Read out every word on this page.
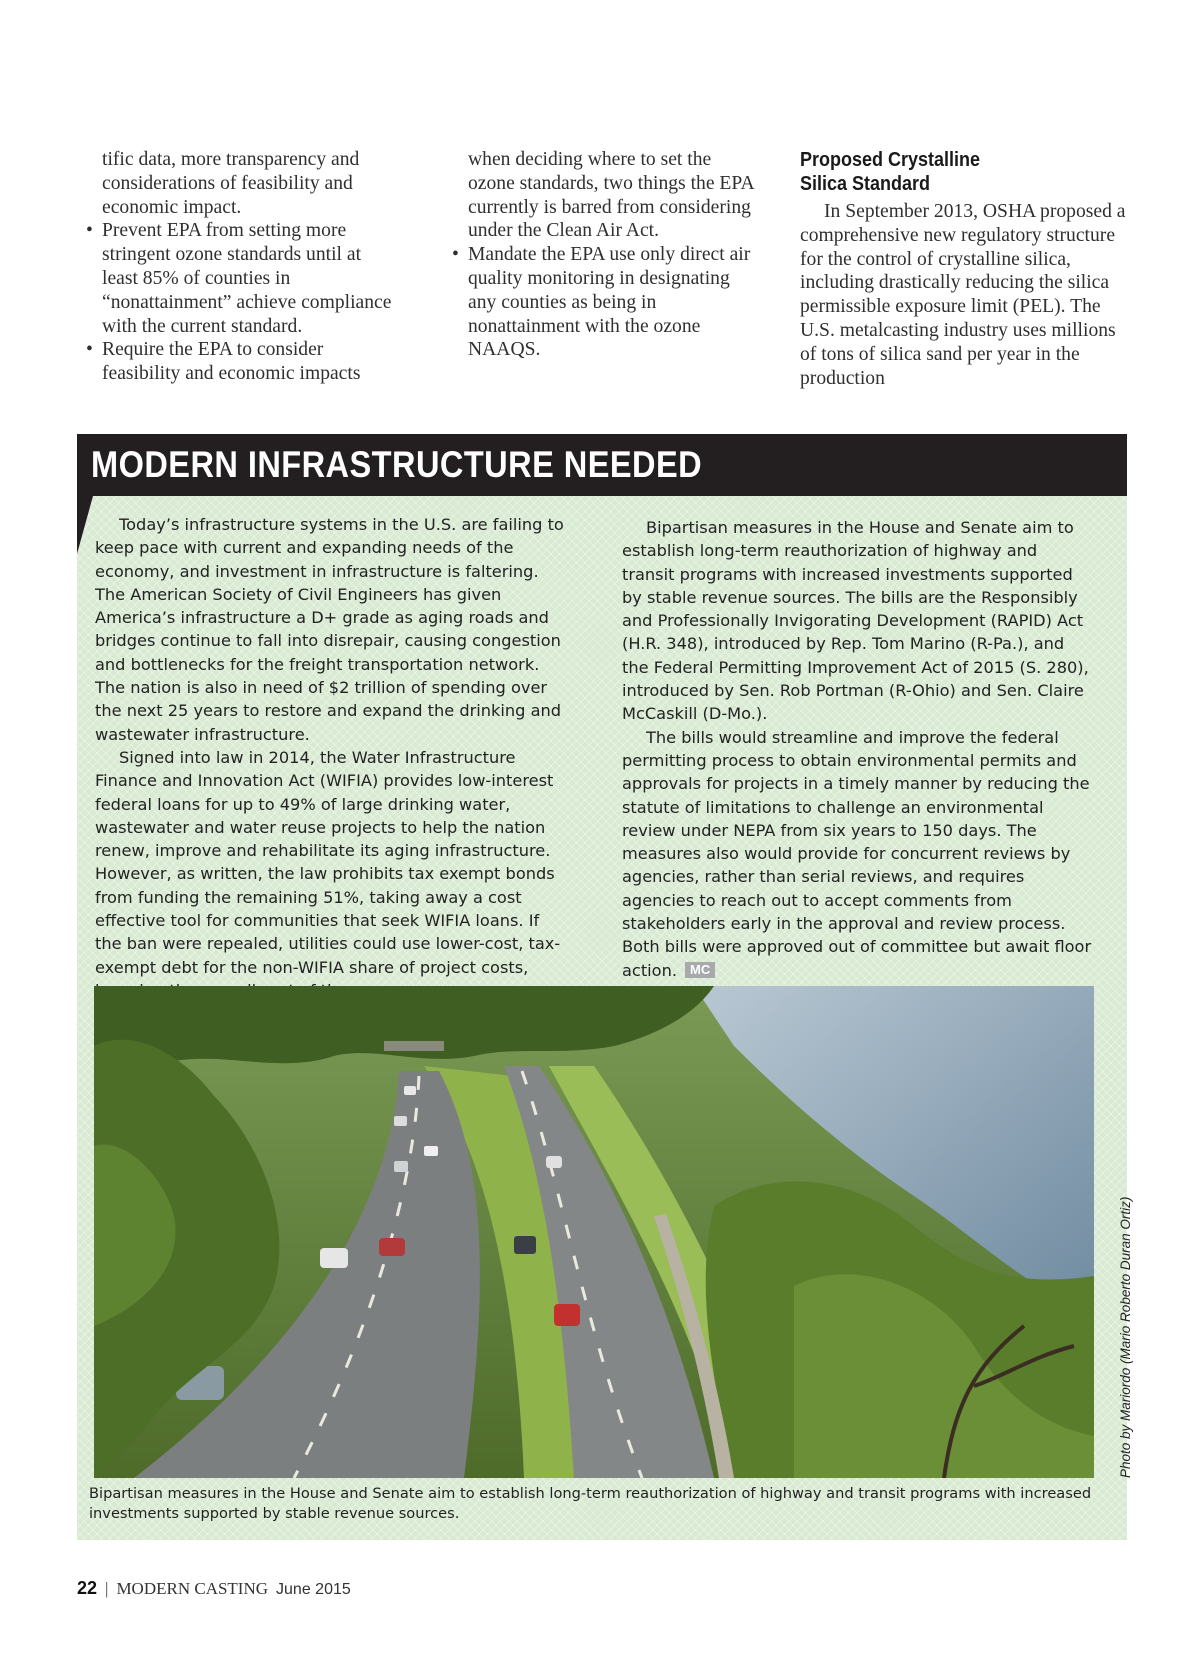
tific data, more transparency and considerations of feasibility and economic impact.

• Prevent EPA from setting more stringent ozone standards until at least 85% of counties in “nonattainment” achieve compliance with the current standard.
• Require the EPA to consider feasibility and economic impacts

when deciding where to set the ozone standards, two things the EPA currently is barred from considering under the Clean Air Act.

• Mandate the EPA use only direct air quality monitoring in designating any counties as being in nonattainment with the ozone NAAQS.
Proposed Crystalline
Silica Standard

In September 2013, OSHA proposed a comprehensive new regulatory structure for the control of crystalline silica, including drastically reducing the silica permissible exposure limit (PEL). The U.S. metalcasting industry uses millions of tons of silica sand per year in the production

MODERN INFRASTRUCTURE NEEDED

Today’s infrastructure systems in the U.S. are failing to keep pace with current and expanding needs of the economy, and investment in infrastructure is faltering. The American Society of Civil Engineers has given America’s infrastructure a D+ grade as aging roads and bridges continue to fall into disrepair, causing congestion and bottlenecks for the freight transportation network. The nation is also in need of $2 trillion of spending over the next 25 years to restore and expand the drinking and wastewater infrastructure.

Signed into law in 2014, the Water Infrastructure Finance and Innovation Act (WIFIA) provides low-interest federal loans for up to 49% of large drinking water, wastewater and water reuse projects to help the nation renew, improve and rehabilitate its aging infrastructure. However, as written, the law prohibits tax exempt bonds from funding the remaining 51%, taking away a cost effective tool for communities that seek WIFIA loans. If the ban were repealed, utilities could use lower-cost, tax-exempt debt for the non-WIFIA share of project costs,

Bipartisan measures in the House and Senate aim to establish long-term reauthorization of highway and transit programs with increased investments supported by stable revenue sources. The bills are the Responsibly and Professionally Invigorating Development (RAPID) Act (H.R. 348), introduced by Rep. Tom Marino (R-Pa.), and the Federal Permitting Improvement Act of 2015 (S. 280), introduced by Sen. Rob Portman (R-Ohio) and Sen. Claire McCaskill (D-Mo.).

The bills would streamline and improve the federal permitting process to obtain environmental permits and approvals for projects in a timely manner by reducing the statute of limitations to challenge an environmental review under NEPA from six years to 150 days. The measures also would provide for concurrent reviews by agencies, rather than serial reviews, and requires agencies to reach out to accept comments from stakeholders early in the approval and review process. Both bills were approved out of committee but await floor action. MC

Photo by Mariordo (Mario Roberto Duran Ortiz)
Bipartisan measures in the House and Senate aim to establish long-term reauthorization of highway and transit programs with increased investments supported by stable revenue sources.
22 | MODERN CASTING June 2015
